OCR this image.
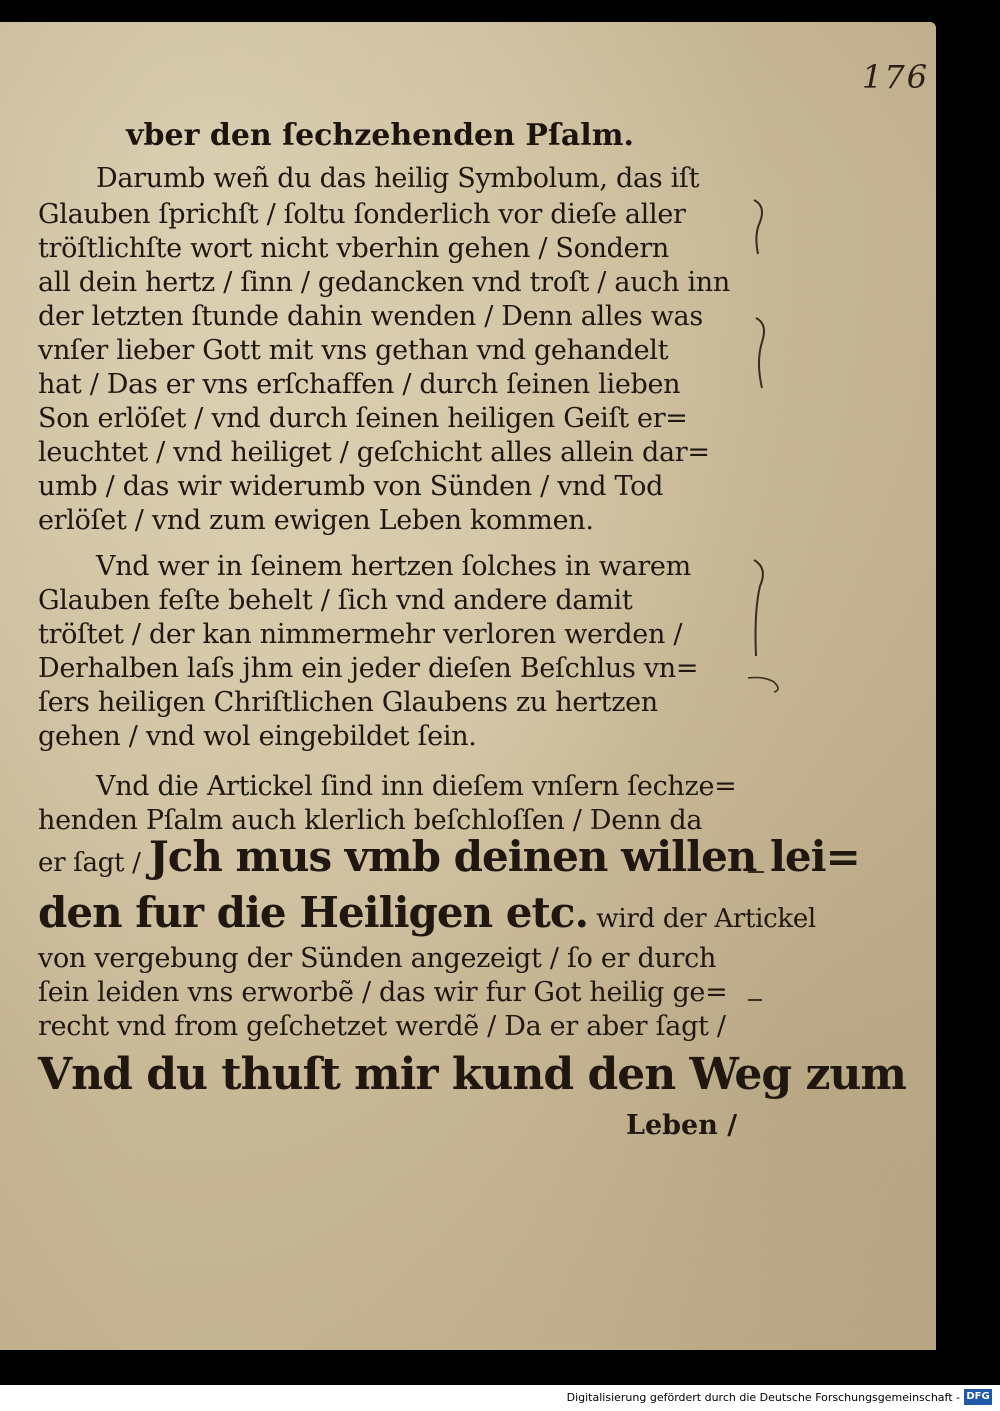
176
vber den ſechzehenden Pſalm.
Darumb weñ du das heilig Symbolum, das iſt
Glauben ſprichſt / ſoltu ſonderlich vor dieſe aller
tröſtlichſte wort nicht vberhin gehen / Sondern
all dein hertz / ſinn / gedancken vnd troſt / auch inn
der letzten ſtunde dahin wenden / Denn alles was
vnſer lieber Gott mit vns gethan vnd gehandelt
hat / Das er vns erſchaffen / durch ſeinen lieben
Son erlöſet / vnd durch ſeinen heiligen Geiſt er=
leuchtet / vnd heiliget / geſchicht alles allein dar=
umb / das wir widerumb von Sünden / vnd Tod
erlöſet / vnd zum ewigen Leben kommen.
Vnd wer in ſeinem hertzen ſolches in warem
Glauben feſte behelt / ſich vnd andere damit
tröſtet / der kan nimmermehr verloren werden /
Derhalben laſs jhm ein jeder dieſen Beſchlus vn=
ſers heiligen Chriſtlichen Glaubens zu hertzen
gehen / vnd wol eingebildet ſein.
Vnd die Artickel ſind inn dieſem vnſern ſechze=
henden Pſalm auch klerlich beſchloſſen / Denn da
er ſagt / Jch mus vmb deinen willen lei=
den fur die Heiligen etc. wird der Artickel
von vergebung der Sünden angezeigt / ſo er durch
ſein leiden vns erworbẽ / das wir fur Got heilig ge=
recht vnd from geſchetzet werdẽ / Da er aber ſagt /
Vnd du thuſt mir kund den Weg zum
Leben /
Digitalisierung gefördert durch die Deutsche Forschungsgemeinschaft - DFG
